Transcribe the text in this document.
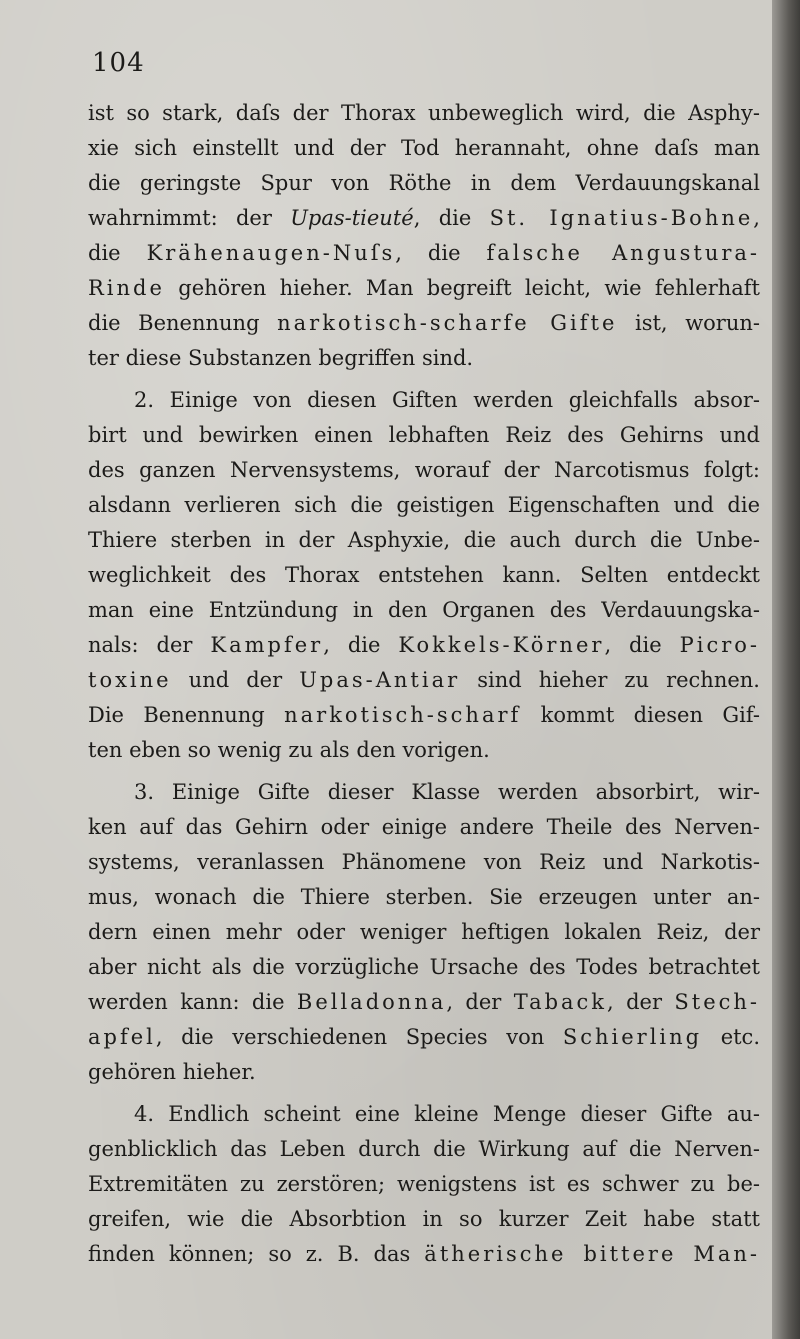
104
ist so stark, daſs der Thorax unbeweglich wird, die Asphy-
xie sich einstellt und der Tod herannaht, ohne daſs man
die geringste Spur von Röthe in dem Verdauungskanal
wahrnimmt: der Upas-tieuté, die St. Ignatius-Bohne,
die Krähenaugen-Nuſs, die falsche Angustura-
Rinde gehören hieher. Man begreift leicht, wie fehlerhaft
die Benennung narkotisch-scharfe Gifte ist, worun-
ter diese Substanzen begriffen sind.
2. Einige von diesen Giften werden gleichfalls absor-
birt und bewirken einen lebhaften Reiz des Gehirns und
des ganzen Nervensystems, worauf der Narcotismus folgt:
alsdann verlieren sich die geistigen Eigenschaften und die
Thiere sterben in der Asphyxie, die auch durch die Unbe-
weglichkeit des Thorax entstehen kann. Selten entdeckt
man eine Entzündung in den Organen des Verdauungska-
nals: der Kampfer, die Kokkels-Körner, die Picro-
toxine und der Upas-Antiar sind hieher zu rechnen.
Die Benennung narkotisch-scharf kommt diesen Gif-
ten eben so wenig zu als den vorigen.
3. Einige Gifte dieser Klasse werden absorbirt, wir-
ken auf das Gehirn oder einige andere Theile des Nerven-
systems, veranlassen Phänomene von Reiz und Narkotis-
mus, wonach die Thiere sterben. Sie erzeugen unter an-
dern einen mehr oder weniger heftigen lokalen Reiz, der
aber nicht als die vorzügliche Ursache des Todes betrachtet
werden kann: die Belladonna, der Taback, der Stech-
apfel, die verschiedenen Species von Schierling etc.
gehören hieher.
4. Endlich scheint eine kleine Menge dieser Gifte au-
genblicklich das Leben durch die Wirkung auf die Nerven-
Extremitäten zu zerstören; wenigstens ist es schwer zu be-
greifen, wie die Absorbtion in so kurzer Zeit habe statt
finden können; so z. B. das ätherische bittere Man-
